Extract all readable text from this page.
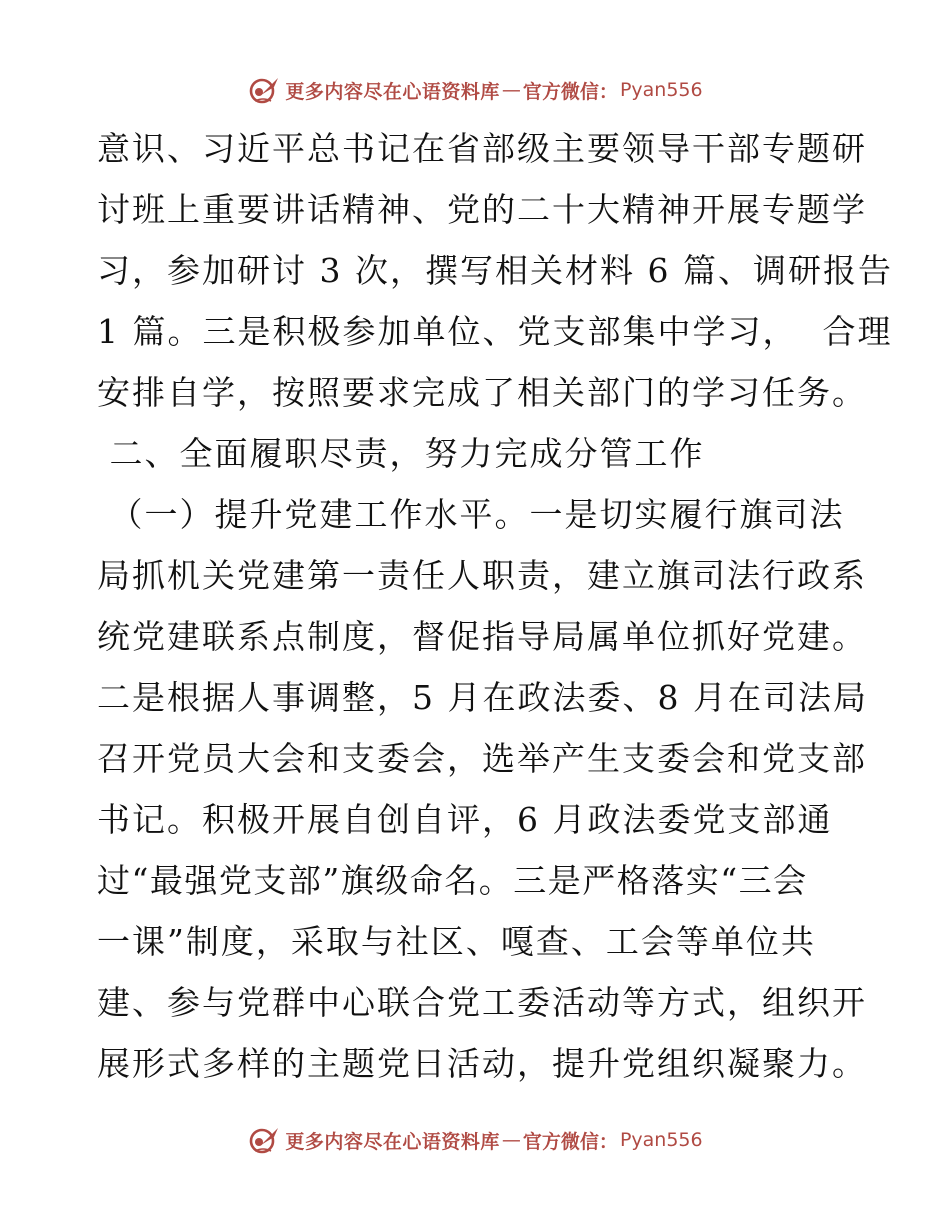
更多内容尽在心语资料库 — 官方微信： Pyan556
意识、习近平总书记在省部级主要领导干部专题研
讨班上重要讲话精神、党的二十大精神开展专题学
习，参加研讨 3 次，撰写相关材料 6 篇、调研报告
1 篇。三是积极参加单位、党支部集中学习，  合理
安排自学，按照要求完成了相关部门的学习任务。
二、全面履职尽责，努力完成分管工作
（一）提升党建工作水平。一是切实履行旗司法
局抓机关党建第一责任人职责，建立旗司法行政系
统党建联系点制度，督促指导局属单位抓好党建。
二是根据人事调整，5 月在政法委、8 月在司法局
召开党员大会和支委会，选举产生支委会和党支部
书记。积极开展自创自评，6 月政法委党支部通
过“最强党支部”旗级命名。三是严格落实“三会
一课”制度，采取与社区、嘎查、工会等单位共
建、参与党群中心联合党工委活动等方式，组织开
展形式多样的主题党日活动，提升党组织凝聚力。
更多内容尽在心语资料库 — 官方微信： Pyan556
